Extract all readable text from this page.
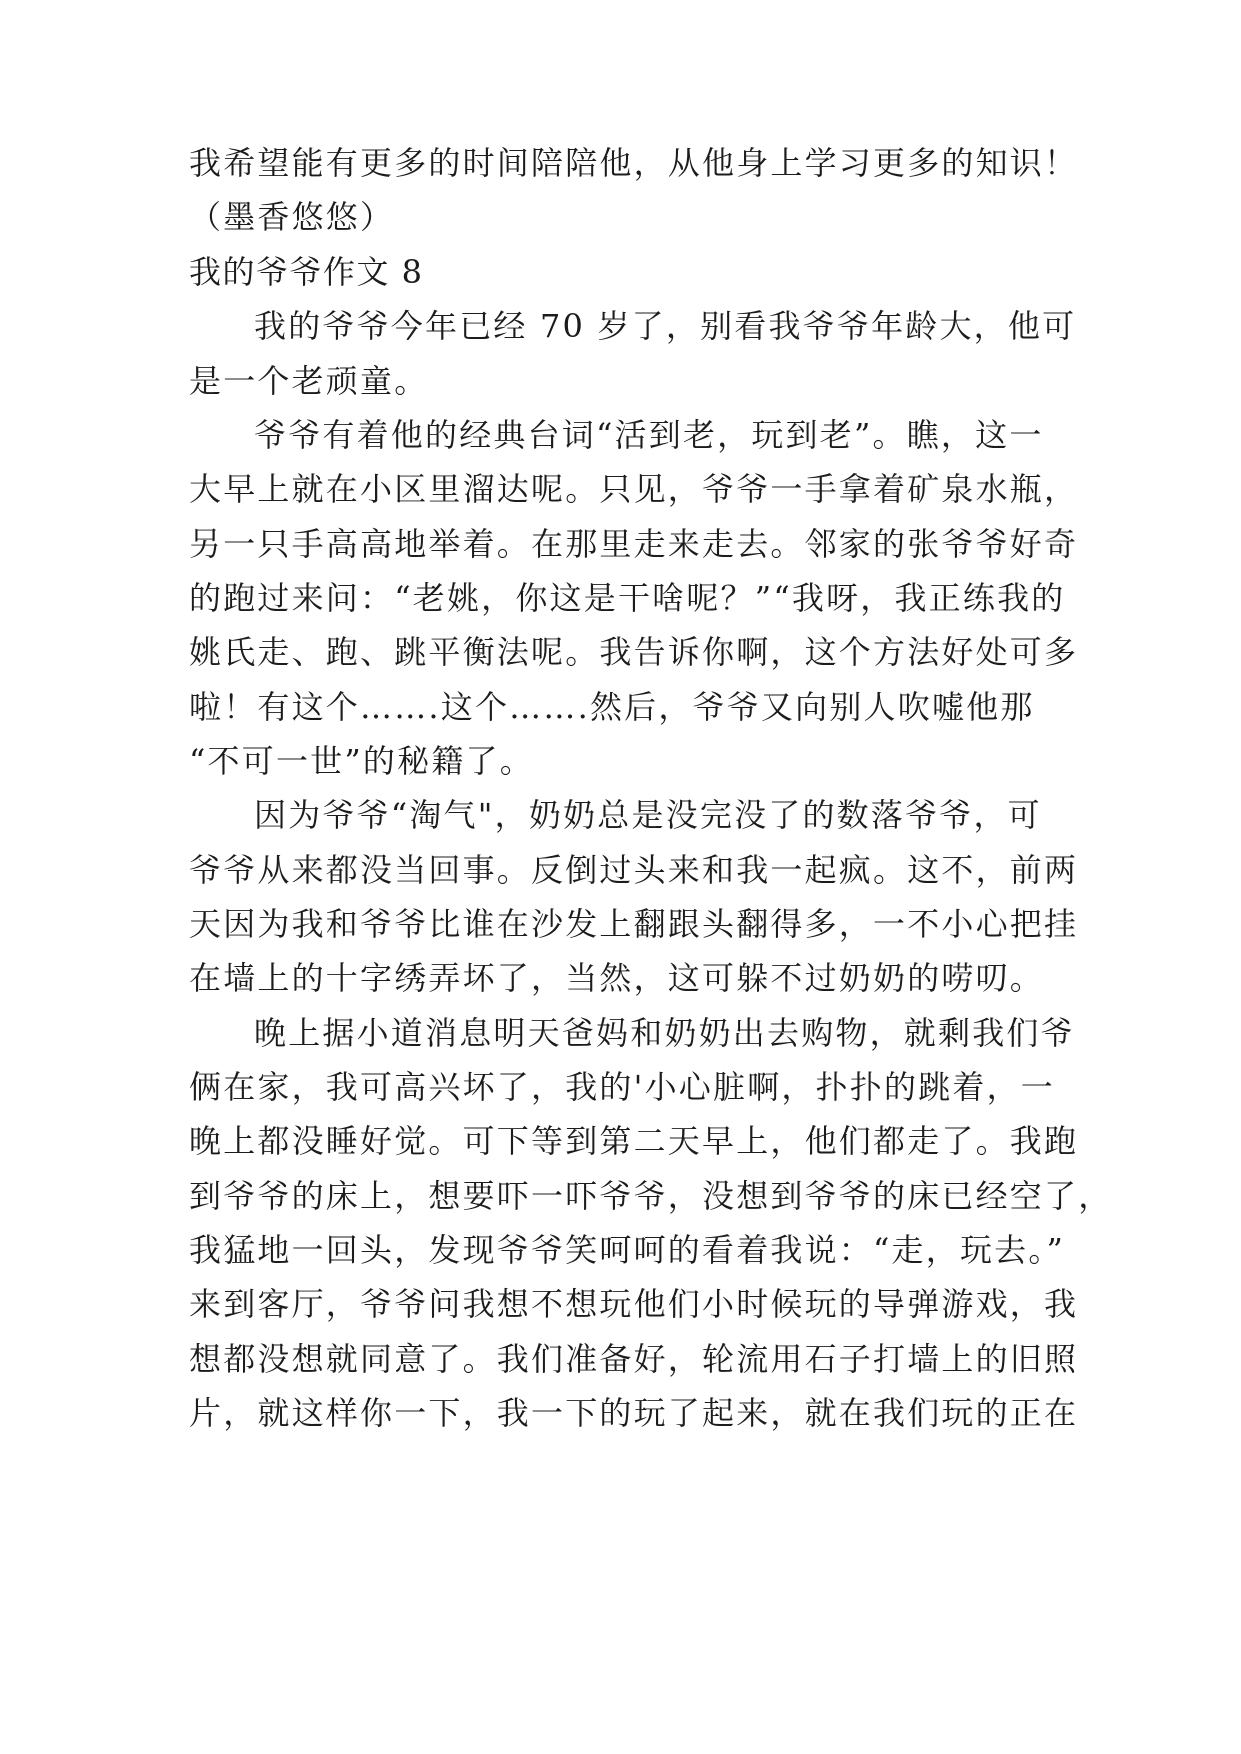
我希望能有更多的时间陪陪他，从他身上学习更多的知识！
（墨香悠悠）
我的爷爷作文 8
我的爷爷今年已经 70 岁了，别看我爷爷年龄大，他可
是一个老顽童。
爷爷有着他的经典台词“活到老，玩到老”。瞧，这一
大早上就在小区里溜达呢。只见，爷爷一手拿着矿泉水瓶，
另一只手高高地举着。在那里走来走去。邻家的张爷爷好奇
的跑过来问：“老姚，你这是干啥呢？”“我呀，我正练我的
姚氏走、跑、跳平衡法呢。我告诉你啊，这个方法好处可多
啦！有这个…….这个…….然后，爷爷又向别人吹嘘他那
“不可一世”的秘籍了。
因为爷爷“淘气"，奶奶总是没完没了的数落爷爷，可
爷爷从来都没当回事。反倒过头来和我一起疯。这不，前两
天因为我和爷爷比谁在沙发上翻跟头翻得多，一不小心把挂
在墙上的十字绣弄坏了，当然，这可躲不过奶奶的唠叨。
晚上据小道消息明天爸妈和奶奶出去购物，就剩我们爷
俩在家，我可高兴坏了，我的'小心脏啊，扑扑的跳着，一
晚上都没睡好觉。可下等到第二天早上，他们都走了。我跑
到爷爷的床上，想要吓一吓爷爷，没想到爷爷的床已经空了，
我猛地一回头，发现爷爷笑呵呵的看着我说：“走，玩去。”
来到客厅，爷爷问我想不想玩他们小时候玩的导弹游戏，我
想都没想就同意了。我们准备好，轮流用石子打墙上的旧照
片，就这样你一下，我一下的玩了起来，就在我们玩的正在
